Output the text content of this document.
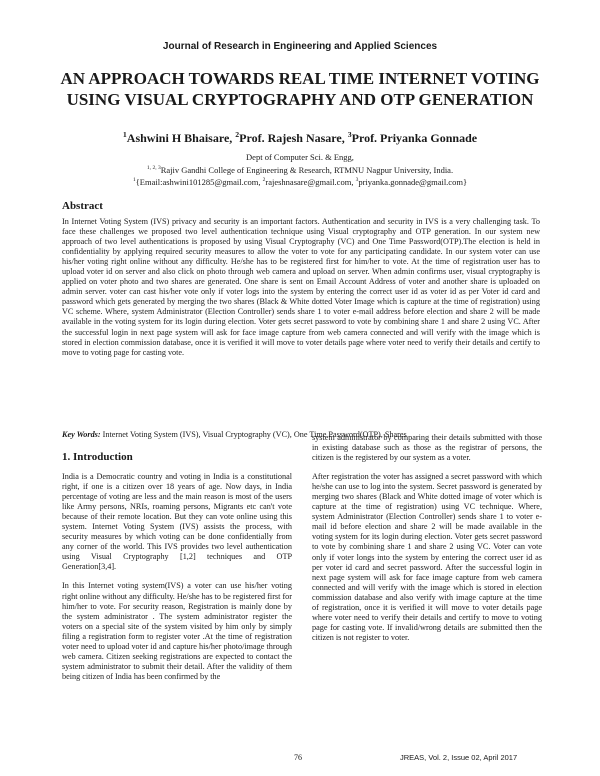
Journal of Research in Engineering and Applied Sciences
AN APPROACH TOWARDS REAL TIME INTERNET VOTING
USING VISUAL CRYPTOGRAPHY AND OTP GENERATION
$^1$Ashwini H Bhaisare, $^2$Prof. Rajesh Nasare, $^3$Prof. Priyanka Gonnade
Dept of Computer Sci. & Engg,
$^{1, 2, 3}$Rajiv Gandhi College of Engineering & Research, RTMNU Nagpur University, India.
$^1${Email:ashwini101285@gmail.com, $^2$rajeshnasare@gmail.com, $^3$priyanka.gonnade@gmail.com}
Abstract
In Internet Voting System (IVS) privacy and security is an important factors. Authentication and security in IVS is a very challenging task. To face these challenges we proposed two level authentication technique using Visual cryptography and OTP generation. In our system new approach of two level authentications is proposed by using Visual Cryptography (VC) and One Time Password(OTP).The election is held in confidentiality by applying required security measures to allow the voter to vote for any participating candidate. In our system voter can use his/her voting right online without any difficulty. He/she has to be registered first for him/her to vote. At the time of registration user has to upload voter id on server and also click on photo through web camera and upload on server. When admin confirms user, visual cryptography is applied on voter photo and two shares are generated. One share is sent on Email Account Address of voter and another share is uploaded on admin server. voter can cast his/her vote only if voter logs into the system by entering the correct user id as voter id as per Voter id card and password which gets generated by merging the two shares (Black & White dotted Voter Image which is capture at the time of registration) using VC scheme. Where, system Administrator (Election Controller) sends share 1 to voter e-mail address before election and share 2 will be made available in the voting system for its login during election. Voter gets secret password to vote by combining share 1 and share 2 using VC. After the successful login in next page system will ask for face image capture from web camera connected and will verify with the image which is stored in election commission database, once it is verified it will move to voter details page where voter need to verify their details and certify to move to voting page for casting vote.
Key Words: Internet Voting System (IVS), Visual Cryptography (VC), One Time Password(OTP), Shares
1. Introduction

India is a Democratic country and voting in India is a constitutional right, if one is a citizen over 18 years of age. Now days, in India percentage of voting are less and the main reason is most of the users like Army persons, NRIs, roaming persons, Migrants etc can't vote because of their remote location. But they can vote online using this system. Internet Voting System (IVS) assists the process, with security measures by which voting can be done confidentially from any corner of the world. This IVS provides two level authentication using Visual Cryptography [1,2] techniques and OTP Generation[3,4].

In this Internet voting system(IVS) a voter can use his/her voting right online without any difficulty. He/she has to be registered first for him/her to vote. For security reason, Registration is mainly done by the system administrator . The system administrator register the voters on a special site of the system visited by him only by simply filing a registration form to register voter .At the time of registration voter need to upload voter id and capture his/her photo/image through web camera. Citizen seeking registrations are expected to contact the system administrator to submit their detail. After the validity of them being citizen of India has been confirmed by the

system administrator by comparing their details submitted with those in existing database such as those as the registrar of persons, the citizen is the registered by our system as a voter.

After registration the voter has assigned a secret password with which he/she can use to log into the system. Secret password is generated by merging two shares (Black and White dotted image of voter which is capture at the time of registration) using VC technique. Where, system Administrator (Election Controller) sends share 1 to voter e-mail id before election and share 2 will be made available in the voting system for its login during election. Voter gets secret password to vote by combining share 1 and share 2 using VC. Voter can vote only if voter longs into the system by entering the correct user id as per voter id card and secret password. After the successful login in next page system will ask for face image capture from web camera connected and will verify with the image which is stored in election commission database and also verify with image capture at the time of registration, once it is verified it will move to voter details page where voter need to verify their details and certify to move to voting page for casting vote. If invalid/wrong details are submitted then the citizen is not register to voter.

76	JREAS, Vol. 2, Issue 02, April 2017
